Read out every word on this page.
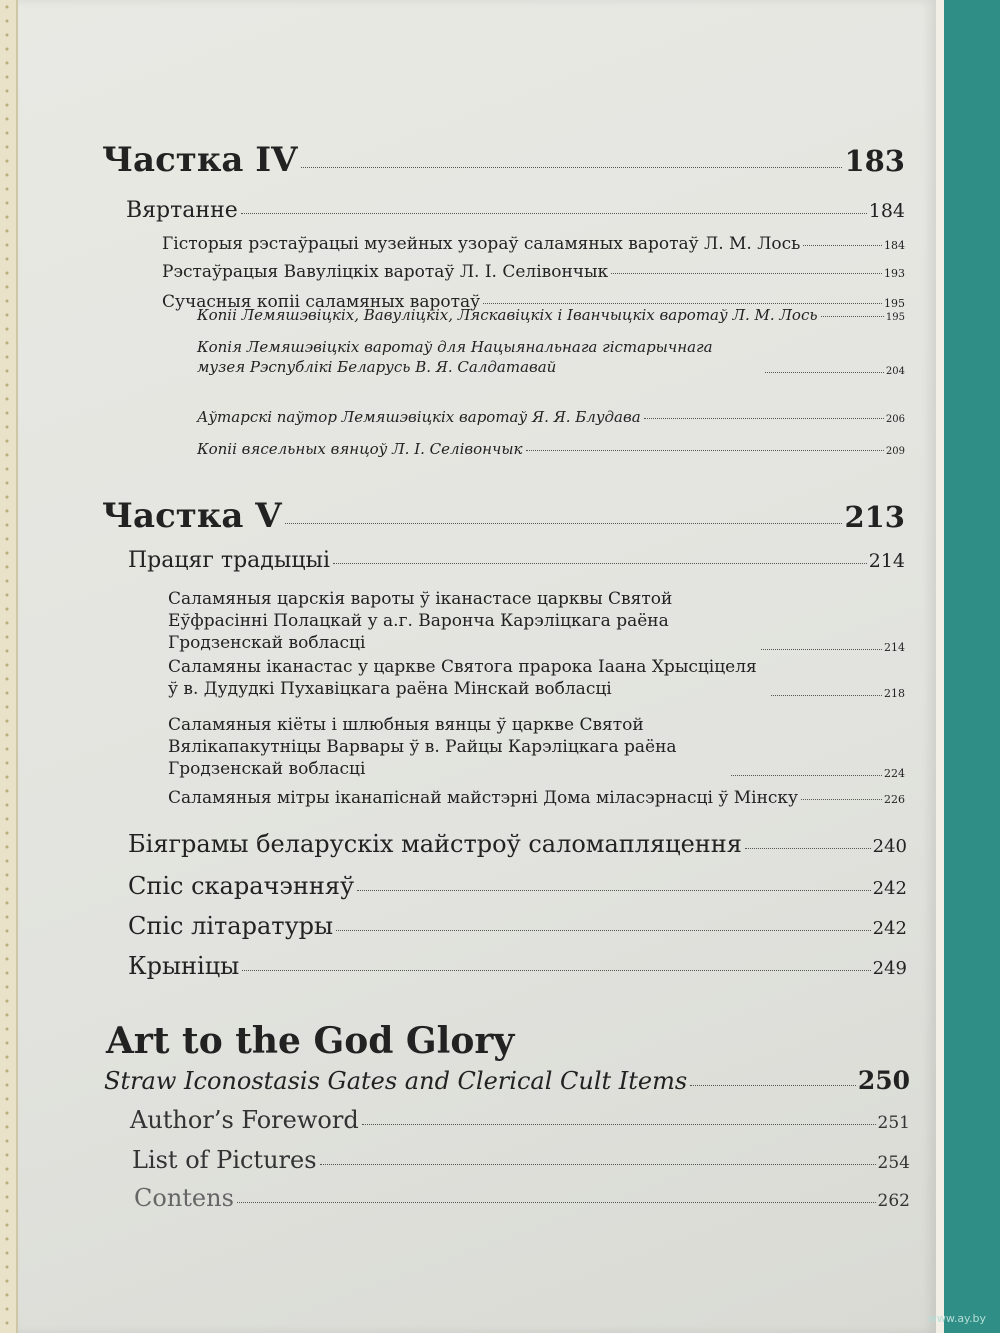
Частка IV	183
Вяртанне	184
Гісторыя рэстаўрацыі музейных узораў саламяных варотаў Л. М. Лось	184
Рэстаўрацыя Вавуліцкіх варотаў Л. І. Селівончык	193
Сучасныя копіі саламяных варотаў	195
Копіі Лемяшэвіцкіх, Вавуліцкіх, Ляскавіцкіх і Іванчыцкіх варотаў Л. М. Лось	195
Копія Лемяшэвіцкіх варотаў для Нацыянальнага гістарычнага музея Рэспублікі Беларусь В. Я. Салдатавай	204
Аўтарскі паўтор Лемяшэвіцкіх варотаў Я. Я. Блудава	206
Копіі вясельных вянцоў Л. І. Селівончык	209
Частка V	213
Працяг традыцыі	214
Саламяныя царскія вароты ў іканастасе царквы Святой Еўфрасінні Полацкай у а.г. Варонча Карэліцкага раёна Гродзенскай вобласці	214
Саламяны іканастас у царкве Святога прарока Іаана Хрысціцеля ў в. Дудудкі Пухавіцкага раёна Мінскай вобласці	218
Саламяныя кіёты і шлюбныя вянцы ў царкве Святой Вялікапакутніцы Варвары ў в. Райцы Карэліцкага раёна Гродзенскай вобласці	224
Саламяныя мітры іканапіснай майстэрні Дома міласэрнасці ў Мінску	226
Біяграмы беларускіх майстроў саломапляцення	240
Спіс скарачэнняў	242
Спіс літаратуры	242
Крыніцы	249
Art to the God Glory
Straw Iconostasis Gates and Clerical Cult Items	250
Author’s Foreword	251
List of Pictures	254
Contens	262
www.ay.by
